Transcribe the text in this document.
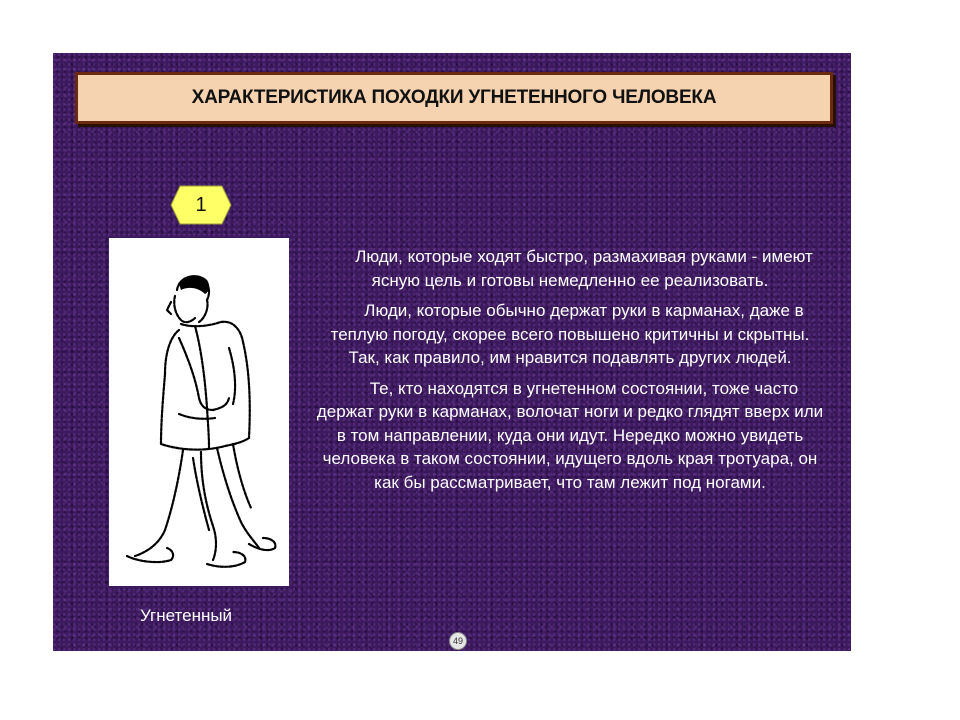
ХАРАКТЕРИСТИКА ПОХОДКИ УГНЕТЕННОГО ЧЕЛОВЕКА
1
Угнетенный

Люди, которые ходят быстро, размахивая руками - имеют ясную цель и готовы немедленно ее реализовать.

Люди, которые обычно держат руки в карманах, даже в теплую погоду, скорее всего повышено критичны и скрытны. Так, как правило, им нравится подавлять других людей.

Те, кто находятся в угнетенном состоянии, тоже часто держат руки в карманах, волочат ноги и редко глядят вверх или в том направлении, куда они идут. Нередко можно увидеть человека в таком состоянии, идущего вдоль края тротуара, он как бы рассматривает, что там лежит под ногами.

49
